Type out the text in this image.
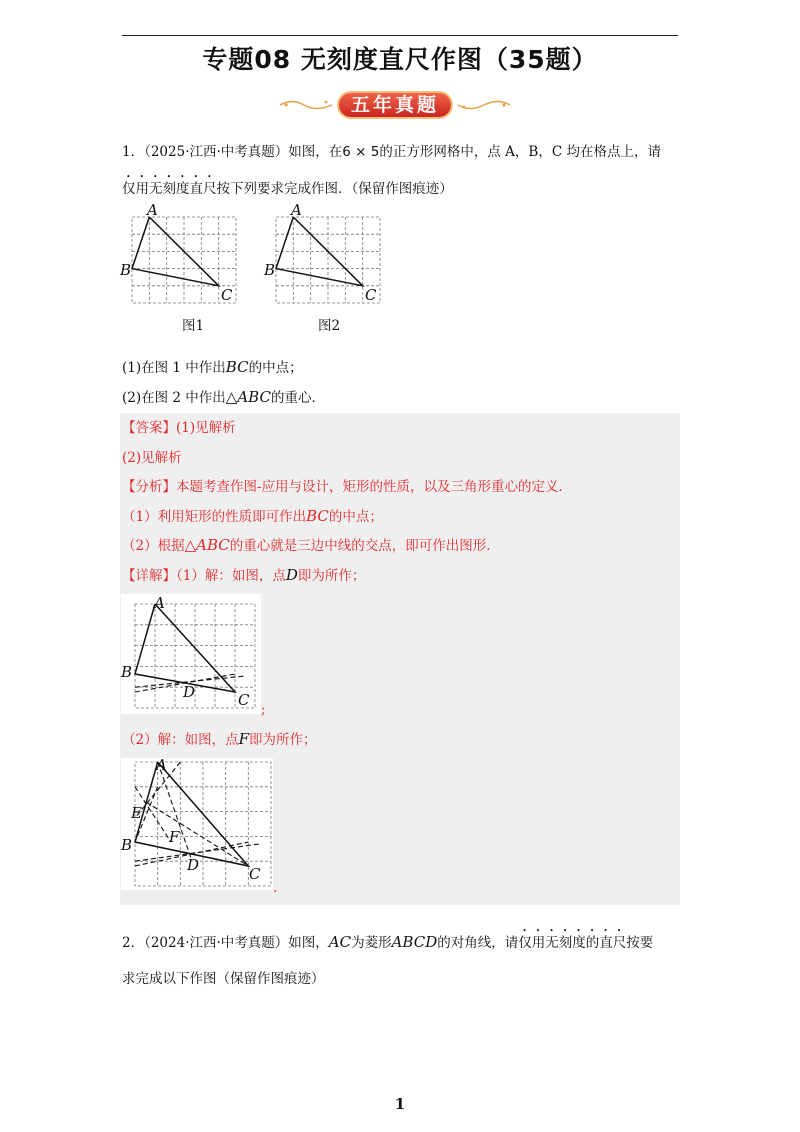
专题08 无刻度直尺作图（35题）
五年真题
1．（2025·江西·中考真题）如图，在6 × 5的正方形网格中，点 A，B，C 均在格点上，请
仅用无刻度直尺按下列要求完成作图．（保留作图痕迹）
A
B
C
图1
A
B
C
图2
(1)在图 1 中作出BC的中点；
(2)在图 2 中作出△ABC的重心．
【答案】(1)见解析
(2)见解析
【分析】本题考查作图-应用与设计，矩形的性质，以及三角形重心的定义．
（1）利用矩形的性质即可作出BC的中点；
（2）根据△ABC的重心就是三边中线的交点，即可作出图形．
【详解】（1）解：如图，点D即为所作；
A
B
D	C
;
（2）解：如图，点F即为所作；
A
E
F
B
D	C
.
2．（2024·江西·中考真题）如图，AC为菱形ABCD的对角线，请仅用无刻度的直尺按要
求完成以下作图（保留作图痕迹）
1
